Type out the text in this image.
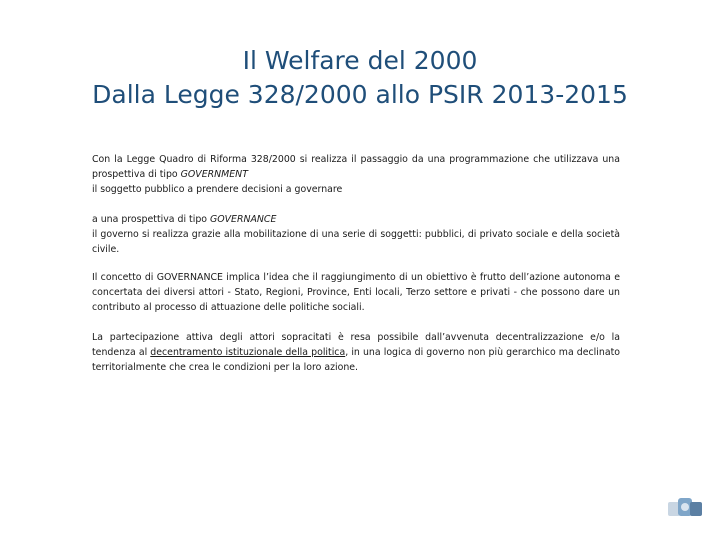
Il Welfare del 2000
Dalla Legge 328/2000 allo PSIR 2013-2015

Con la Legge Quadro di Riforma 328/2000 si realizza il passaggio da una programmazione che utilizzava una prospettiva di tipo GOVERNMENT
il soggetto pubblico a prendere decisioni a governare

a una prospettiva di tipo GOVERNANCE
il governo si realizza grazie alla mobilitazione di una serie di soggetti: pubblici, di privato sociale e della società civile.

Il concetto di GOVERNANCE implica l’idea che il raggiungimento di un obiettivo è frutto dell’azione autonoma e concertata dei diversi attori - Stato, Regioni, Province, Enti locali, Terzo settore e privati - che possono dare un contributo al processo di attuazione delle politiche sociali.

La partecipazione attiva degli attori sopracitati è resa possibile dall’avvenuta decentralizzazione e/o la tendenza al decentramento istituzionale della politica, in una logica di governo non più gerarchico ma declinato territorialmente che crea le condizioni per la loro azione.
